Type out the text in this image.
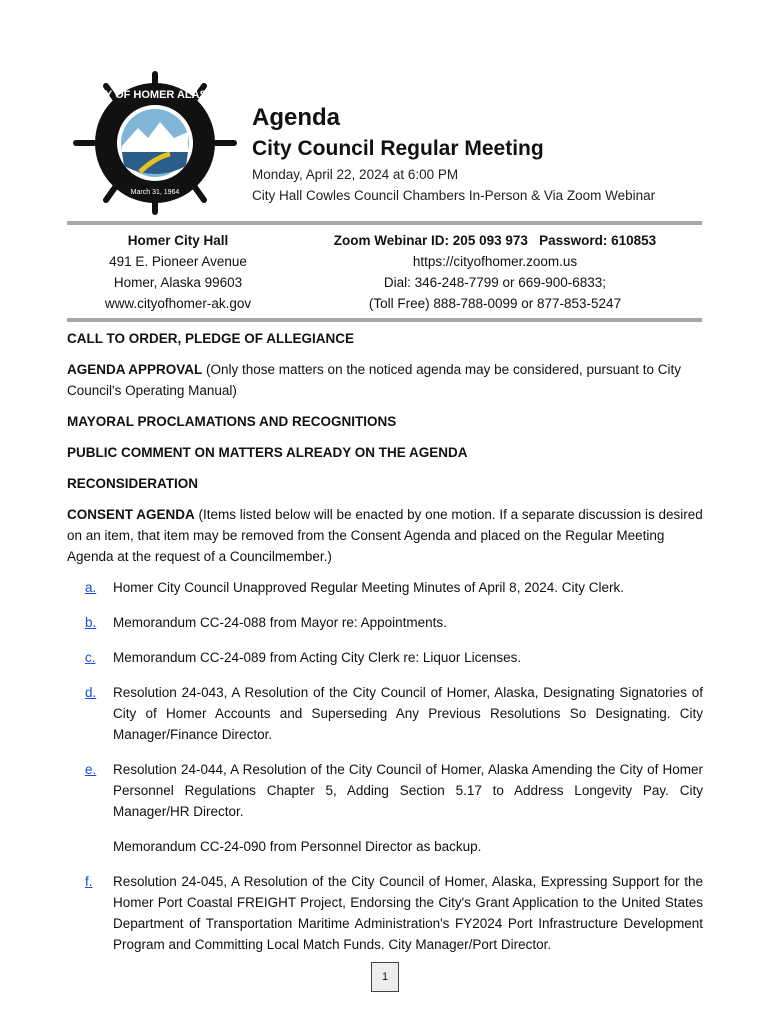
CITY OF HOMER ALASKA
March 31, 1964
Agenda
City Council Regular Meeting
Monday, April 22, 2024 at 6:00 PM
City Hall Cowles Council Chambers In-Person & Via Zoom Webinar
Homer City Hall
491 E. Pioneer Avenue
Homer, Alaska 99603
www.cityofhomer-ak.gov
Zoom Webinar ID: 205 093 973   Password: 610853
https://cityofhomer.zoom.us
Dial: 346-248-7799 or 669-900-6833;
(Toll Free) 888-788-0099 or 877-853-5247

CALL TO ORDER, PLEDGE OF ALLEGIANCE

AGENDA APPROVAL (Only those matters on the noticed agenda may be considered, pursuant to City Council's Operating Manual)

MAYORAL PROCLAMATIONS AND RECOGNITIONS

PUBLIC COMMENT ON MATTERS ALREADY ON THE AGENDA

RECONSIDERATION

CONSENT AGENDA (Items listed below will be enacted by one motion. If a separate discussion is desired on an item, that item may be removed from the Consent Agenda and placed on the Regular Meeting Agenda at the request of a Councilmember.)

a. Homer City Council Unapproved Regular Meeting Minutes of April 8, 2024. City Clerk.
b. Memorandum CC-24-088 from Mayor re: Appointments.
c. Memorandum CC-24-089 from Acting City Clerk re: Liquor Licenses.
d. Resolution 24-043, A Resolution of the City Council of Homer, Alaska, Designating Signatories of City of Homer Accounts and Superseding Any Previous Resolutions So Designating. City Manager/Finance Director.
e. Resolution 24-044, A Resolution of the City Council of Homer, Alaska Amending the City of Homer Personnel Regulations Chapter 5, Adding Section 5.17 to Address Longevity Pay. City Manager/HR Director.
Memorandum CC-24-090 from Personnel Director as backup.
f. Resolution 24-045, A Resolution of the City Council of Homer, Alaska, Expressing Support for the Homer Port Coastal FREIGHT Project, Endorsing the City's Grant Application to the United States Department of Transportation Maritime Administration's FY2024 Port Infrastructure Development Program and Committing Local Match Funds. City Manager/Port Director.
1
